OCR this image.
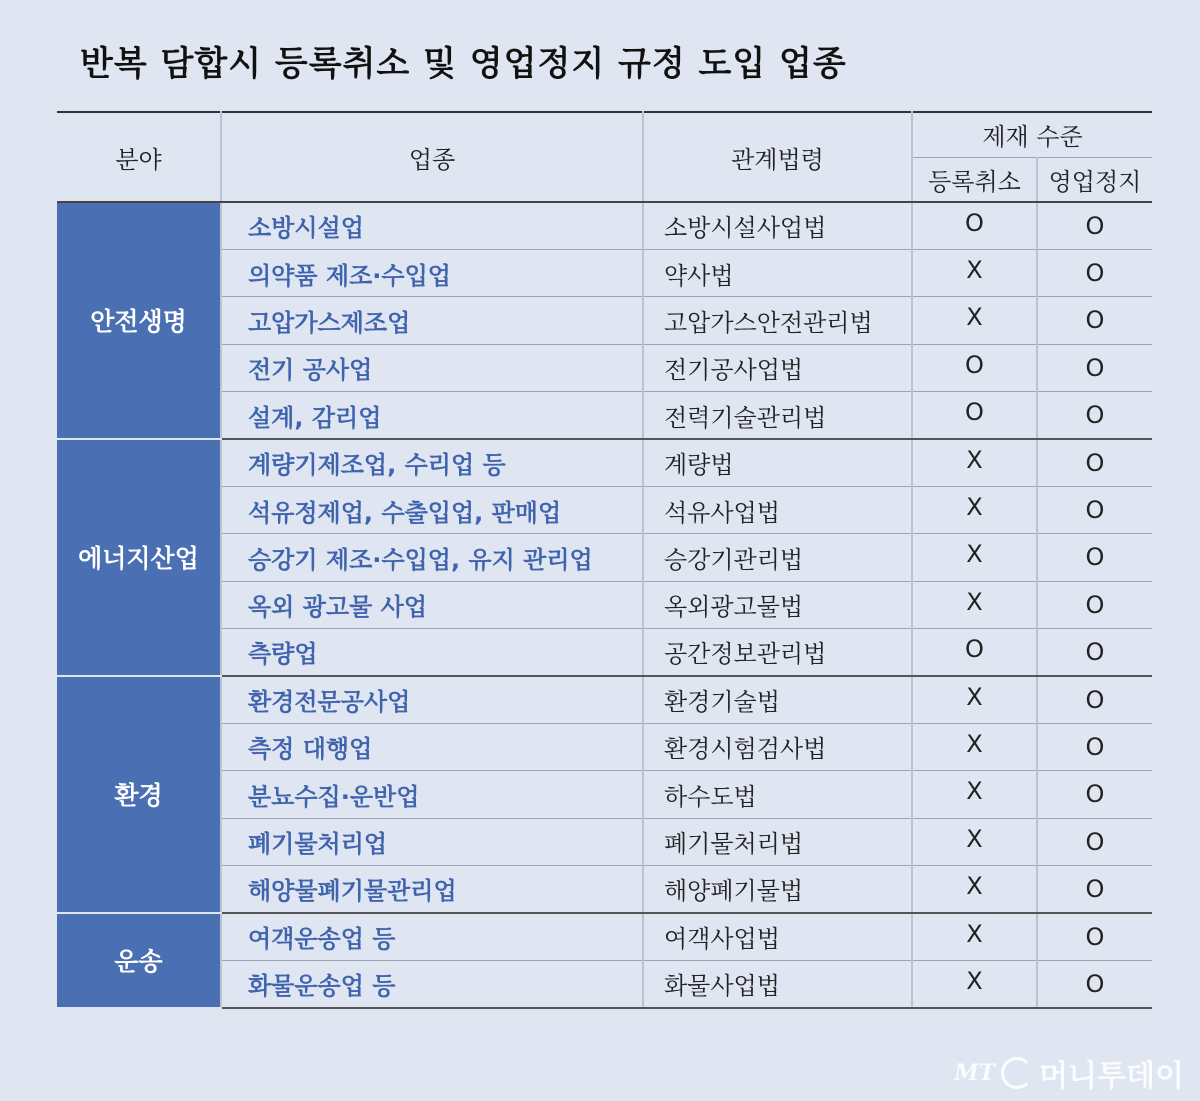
반복 담합시 등록취소 및 영업정지 규정 도입 업종
분야	업종	관계법령	제재 수준	
			등록취소	영업정지
안전생명	소방시설업	소방시설사업법	O	O
	의약품 제조·수입업	약사법	X	O
	고압가스제조업	고압가스안전관리법	X	O
	전기 공사업	전기공사업법	O	O
	설계, 감리업	전력기술관리법	O	O
에너지산업	계량기제조업, 수리업 등	계량법	X	O
	석유정제업, 수출입업, 판매업	석유사업법	X	O
	승강기 제조·수입업, 유지 관리업	승강기관리법	X	O
	옥외 광고물 사업	옥외광고물법	X	O
	측량업	공간정보관리법	O	O
환경	환경전문공사업	환경기술법	X	O
	측정 대행업	환경시험검사법	X	O
	분뇨수집·운반업	하수도법	X	O
	폐기물처리업	폐기물처리법	X	O
	해양물폐기물관리업	해양폐기물법	X	O
운송	여객운송업 등	여객사업법	X	O
	화물운송업 등	화물사업법	X	O
MT 머니투데이
